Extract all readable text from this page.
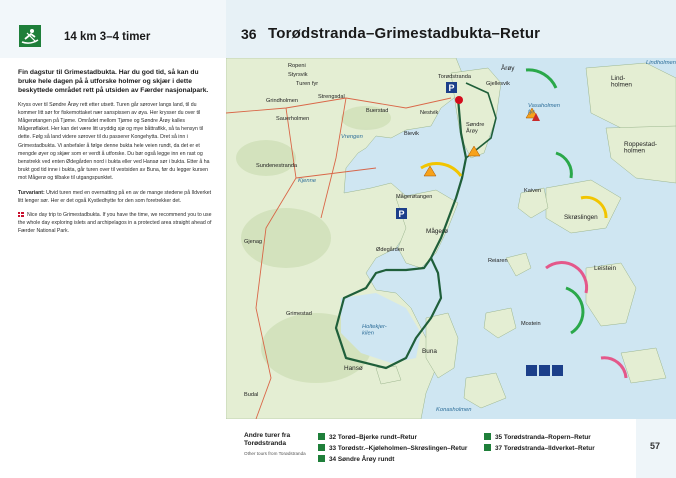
14 km 3–4 timer	36 Torødstranda–Grimestadbukta–Retur

Fin dagstur til Grimestadbukta. Har du god tid, så kan du bruke hele dagen på å utforske holmer og skjær i dette beskyttede området rett på utsiden av Færder nasjonalpark.

Kryss over til Søndre Årøy rett etter utsett. Turen går sørover langs land, til du kommer litt sør for fiskemottaket nær sanspissen av øya. Her krysser du over til Mågerøtangen på Tjøme. Området mellom Tjøme og Søndre Årøy kalles Mågerøflaket. Her kan det være litt uryddig sjø og mye båttrafikk, så ta hensyn til dette. Følg så land videre sørover til du passerer Kongehytta. Dret så inn i Grimestadbukta. Vi anbefaler å følge denne bukta hele veien rundt, da det er et mengde øyer og skjær som er verdt å utforske. Du bør også legge inn en rast og benstrekk ved enten Ødegården nord i bukta eller ved Hansø sør i bukta. Etter å ha brukt god tid inne i bukta, går turen over til vestsiden av Buna, før du legger kursen mot Mågerø og tilbake til utgangspunktet.

Turvariant: Utvid turen med en overnatting på en av de mange stedene på Ildverket litt lenger sør. Her er det også Kystledhytte for den som foretrekker det.

Nice day trip to Grimestadbukta. If you have the time, we recommend you to use the whole day exploring islets and archipelagos in a protected area straight ahead of Færder National Park.

P
P
Ropeni
Styrsvik
Turen fyr
Grindholmen
Strengsdal
Sauerholmen
Buerstad	Nestvik
Bievik
Torødstranda
Gjellesvik
Årøy
Søndre Årøy
Lind-holmen
Vasaholmen fyr
Roppestad-holmen
Kaiven
Skrøslingen
Leistein
Sundenestranda
Vrengen
Kjenne
Mågerøtangen
Mågerø
Ødegården
Gjenag
Reiaren
Holtekjer-kilen
Grimestad
Mostein
Buna
Hansø
Budal
Konasholmen
Lindholmen
Andre turer fra Torødstranda
Other tours from Torødstranda
32 Torød–Bjerke rundt–Retur
33 Torødstr.–Kjøleholmen–Skrøslingen–Retur
34 Søndre Årøy rundt
35 Torødstranda–Ropern–Retur
37 Torødstranda–Ildverket–Retur	57
